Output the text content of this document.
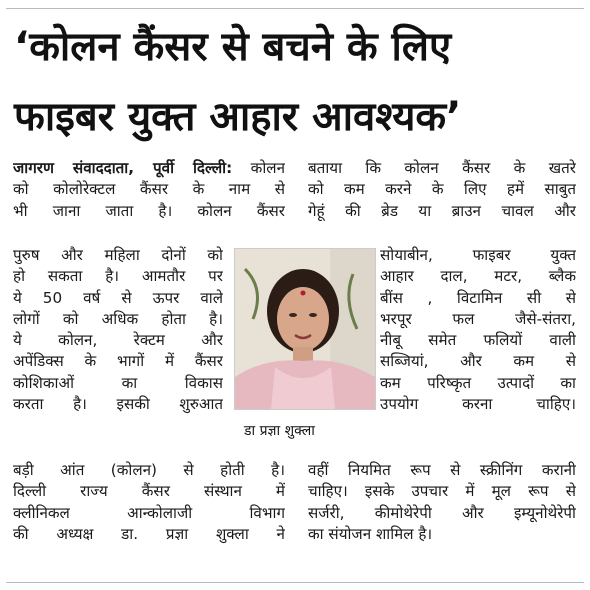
‘कोलन कैंसर से बचने के लिए
फाइबर युक्त आहार आवश्यक’
जागरण संवाददाता, पूर्वी दिल्ली: कोलन
को कोलोरेक्टल कैंसर के नाम से
भी जाना जाता है। कोलन कैंसर
पुरुष और महिला दोनों को
हो सकता है। आमतौर पर
ये 50 वर्ष से ऊपर वाले
लोगों को अधिक होता है।
ये कोलन, रेक्टम और
अपेंडिक्स के भागों में कैंसर
कोशिकाओं का विकास
करता है। इसकी शुरुआत
बड़ी आंत (कोलन) से होती है।
दिल्ली राज्य कैंसर संस्थान में
क्लीनिकल आन्कोलाजी विभाग
की अध्यक्ष डा. प्रज्ञा शुक्ला ने
बताया कि कोलन कैंसर के खतरे
को कम करने के लिए हमें साबुत
गेहूं की ब्रेड या ब्राउन चावल और
सोयाबीन, फाइबर युक्त
आहार दाल, मटर, ब्लैक
बींस , विटामिन सी से
भरपूर फल जैसे-संतरा,
नीबू समेत फलियों वाली
सब्जियां, और कम से
कम परिष्कृत उत्पादों का
उपयोग करना चाहिए।
वहीं नियमित रूप से स्क्रीनिंग करानी
चाहिए। इसके उपचार में मूल रूप से
सर्जरी, कीमोथेरेपी और इम्यूनोथेरेपी
का संयोजन शामिल है।
डा प्रज्ञा शुक्ला
